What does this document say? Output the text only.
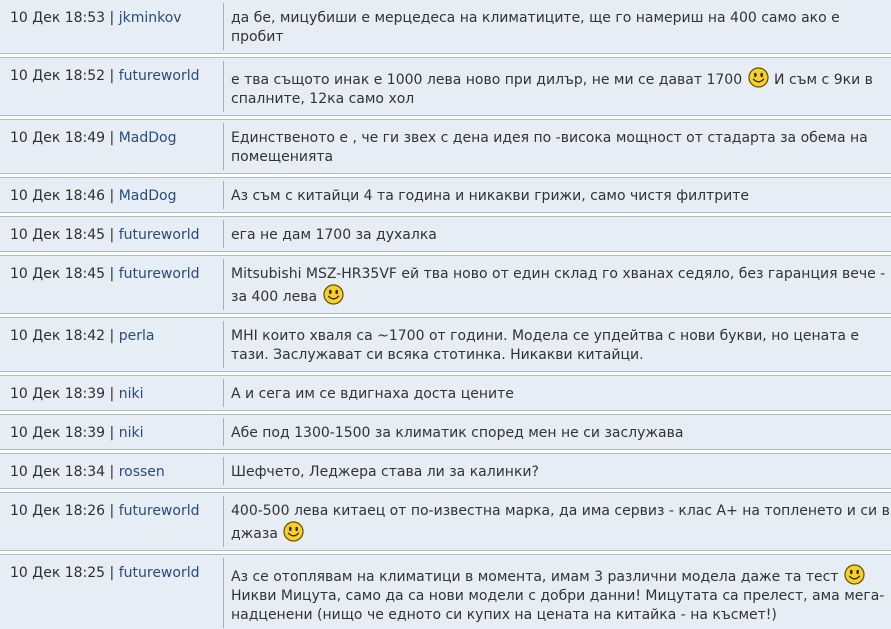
10 Дек 18:53 | jkminkov	да бе, мицубиши е мерцедеса на климатиците, ще го намериш на 400 само ако е пробит
10 Дек 18:52 | futureworld	е тва същото инак е 1000 лева ново при дилър, не ми се дават 1700  И съм с 9ки в спалните, 12ка само хол
10 Дек 18:49 | MadDog	Единственото е , че ги звех с дена идея по -висока мощност от стадарта за обема на помещенията
10 Дек 18:46 | MadDog	Аз съм с китайци 4 та година и никакви грижи, само чистя филтрите
10 Дек 18:45 | futureworld	ега не дам 1700 за духалка
10 Дек 18:45 | futureworld	Mitsubishi MSZ-HR35VF ей тва ново от един склад го хванах седяло, без гаранция вече - за 400 лева
10 Дек 18:42 | perla	MHI които хваля са ~1700 от години. Модела се упдейтва с нови букви, но цената е тази. Заслужават си всяка стотинка. Никакви китайци.
10 Дек 18:39 | niki	А и сега им се вдигнаха доста цените
10 Дек 18:39 | niki	Абе под 1300-1500 за климатик според мен не си заслужава
10 Дек 18:34 | rossen	Шефчето, Леджера става ли за калинки?
10 Дек 18:26 | futureworld	400-500 лева китаец от по-известна марка, да има сервиз - клас А+ на топленето и си в джаза
10 Дек 18:25 | futureworld	Аз се отоплявам на климатици в момента, имам 3 различни модела даже та тест  Никви Мицута, само да са нови модели с добри данни! Мицутата са прелест, ама мега-надценени (нищо че едното си купих на цената на китайка - на късмет!)
